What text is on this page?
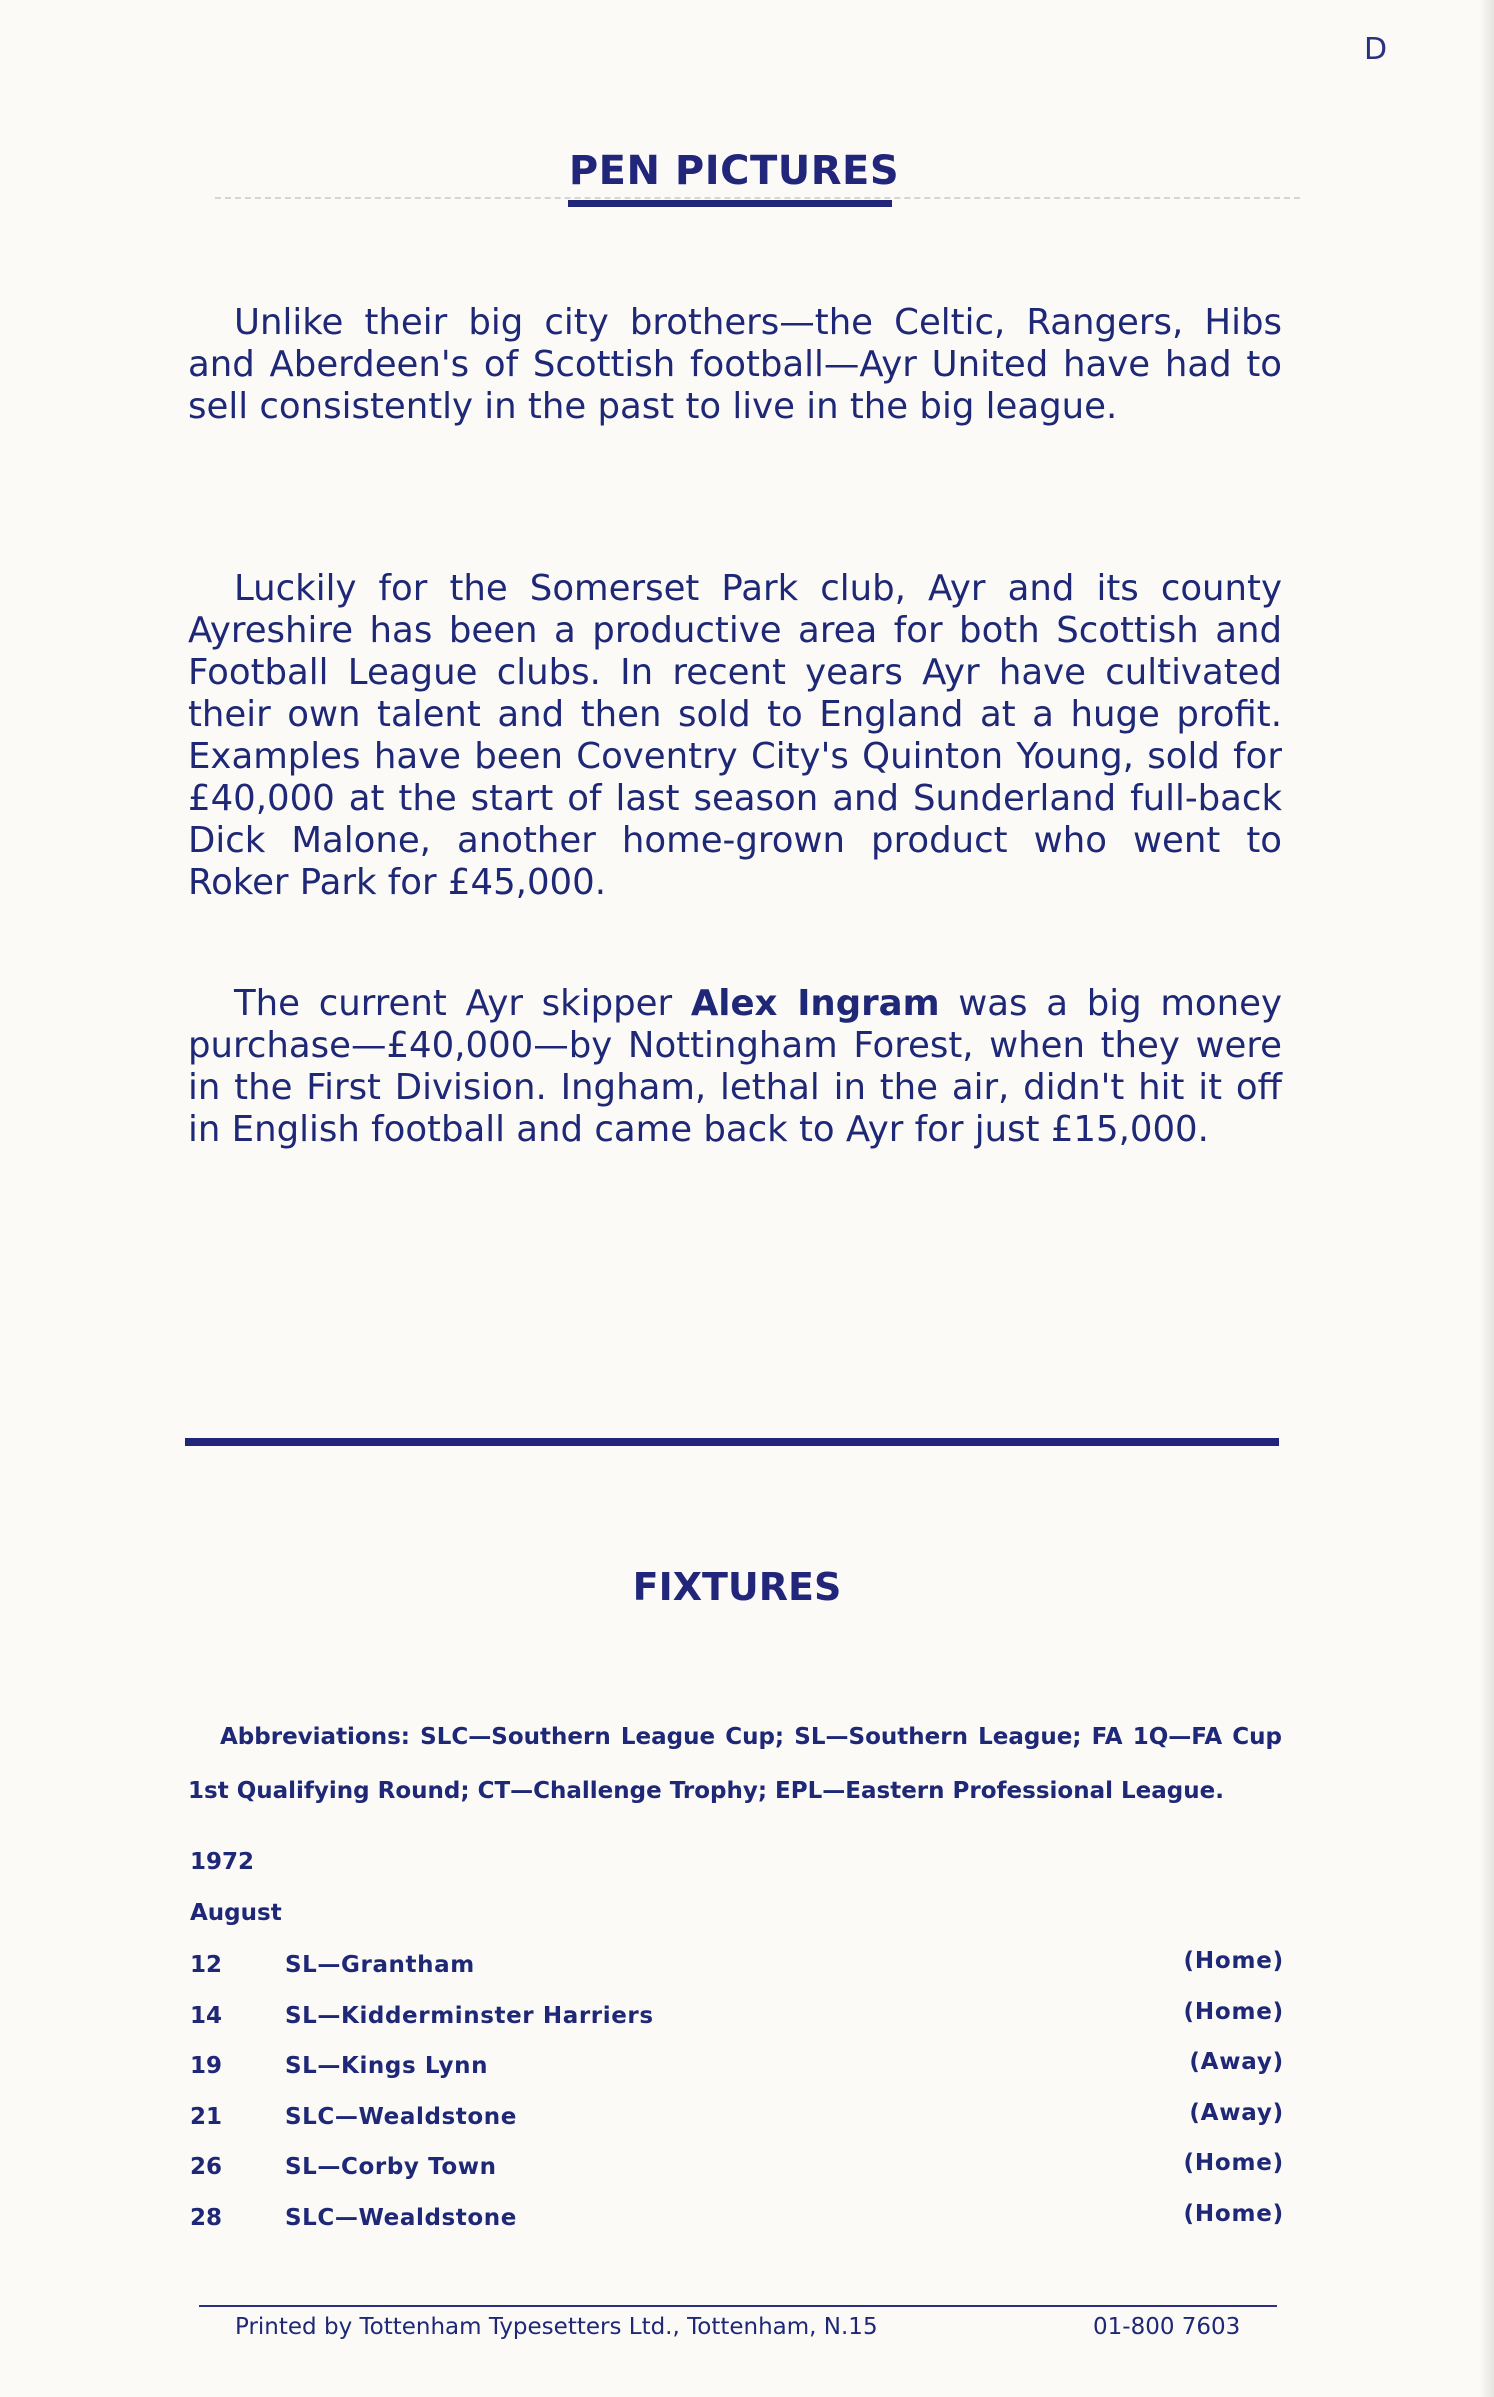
D
PEN PICTURES

Unlike their big city brothers—the Celtic, Rangers, Hibs and Aberdeen's of Scottish football—Ayr United have had to sell consistently in the past to live in the big league.

Luckily for the Somerset Park club, Ayr and its county Ayreshire has been a productive area for both Scottish and Football League clubs. In recent years Ayr have cultivated their own talent and then sold to England at a huge profit. Examples have been Coventry City's Quinton Young, sold for £40,000 at the start of last season and Sunderland full-back Dick Malone, another home-grown product who went to Roker Park for £45,000.

The current Ayr skipper Alex Ingram was a big money purchase—£40,000—by Nottingham Forest, when they were in the First Division. Ingham, lethal in the air, didn't hit it off in English football and came back to Ayr for just £15,000.

FIXTURES
Abbreviations: SLC—Southern League Cup; SL—Southern League; FA 1Q—FA Cup 1st Qualifying Round; CT—Challenge Trophy; EPL—Eastern Professional League.
1972
August
12	SL—Grantham	(Home)
14	SL—Kidderminster Harriers	(Home)
19	SL—Kings Lynn	(Away)
21	SLC—Wealdstone	(Away)
26	SL—Corby Town	(Home)
28	SLC—Wealdstone	(Home)
Printed by Tottenham Typesetters Ltd., Tottenham, N.15	01-800 7603
